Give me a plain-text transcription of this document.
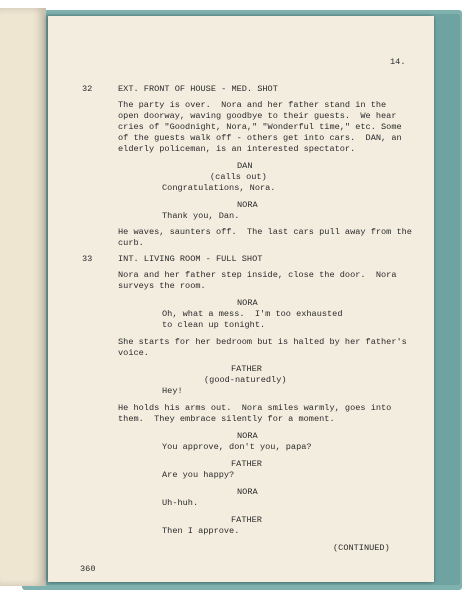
14.
32	EXT. FRONT OF HOUSE - MED. SHOT
The party is over.  Nora and her father stand in the
open doorway, waving goodbye to their guests.  We hear
cries of "Goodnight, Nora," "Wonderful time," etc. Some
of the guests walk off - others get into cars.  DAN, an
elderly policeman, is an interested spectator.
DAN
(calls out)
Congratulations, Nora.
NORA
Thank you, Dan.
He waves, saunters off.  The last cars pull away from the
curb.
33	INT. LIVING ROOM - FULL SHOT
Nora and her father step inside, close the door.  Nora
surveys the room.
NORA
Oh, what a mess.  I'm too exhausted
to clean up tonight.
She starts for her bedroom but is halted by her father's
voice.
FATHER
(good-naturedly)
Hey!
He holds his arms out.  Nora smiles warmly, goes into
them.  They embrace silently for a moment.
NORA
You approve, don't you, papa?
FATHER
Are you happy?
NORA
Uh-huh.
FATHER
Then I approve.
(CONTINUED)
360
